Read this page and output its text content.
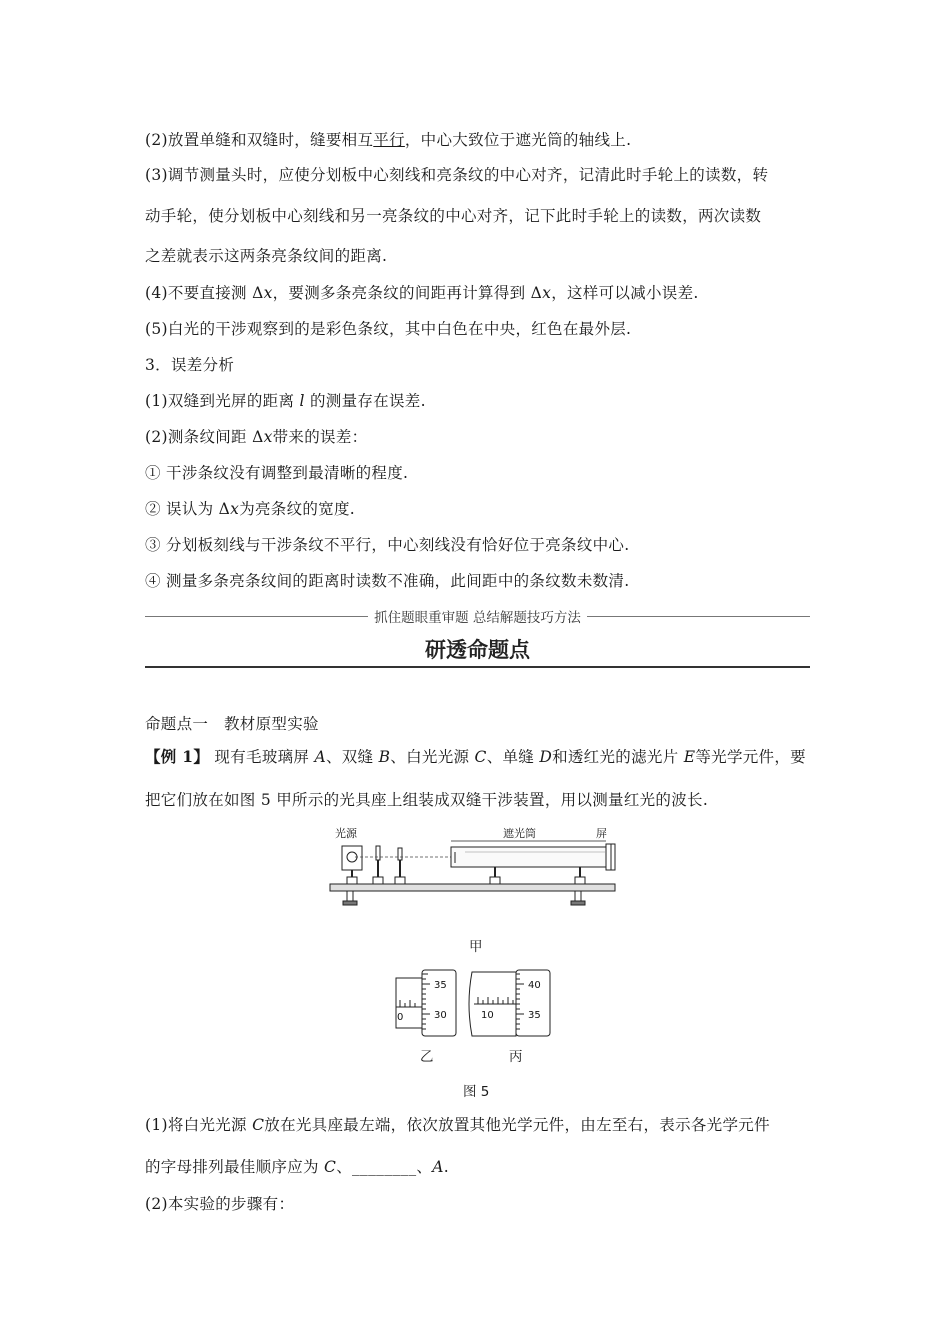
(2)放置单缝和双缝时，缝要相互平行，中心大致位于遮光筒的轴线上.
(3)调节测量头时，应使分划板中心刻线和亮条纹的中心对齐，记清此时手轮上的读数，转
动手轮，使分划板中心刻线和另一亮条纹的中心对齐，记下此时手轮上的读数，两次读数
之差就表示这两条亮条纹间的距离.
(4)不要直接测 Δx，要测多条亮条纹的间距再计算得到 Δx，这样可以减小误差.
(5)白光的干涉观察到的是彩色条纹，其中白色在中央，红色在最外层.
3．误差分析
(1)双缝到光屏的距离 l 的测量存在误差.
(2)测条纹间距 Δx带来的误差：
① 干涉条纹没有调整到最清晰的程度.
② 误认为 Δx为亮条纹的宽度.
③ 分划板刻线与干涉条纹不平行，中心刻线没有恰好位于亮条纹中心.
④ 测量多条亮条纹间的距离时读数不准确，此间距中的条纹数未数清.
抓住题眼重审题 总结解题技巧方法
研透命题点
命题点一　教材原型实验
【例 1】 现有毛玻璃屏 A、双缝 B、白光光源 C、单缝 D和透红光的滤光片 E等光学元件，要
把它们放在如图 5 甲所示的光具座上组装成双缝干涉装置，用以测量红光的波长.
光源	遮光筒	屏
甲
0
35
30	10
40
35
乙	丙
图 5
(1)将白光光源 C放在光具座最左端，依次放置其他光学元件，由左至右，表示各光学元件
的字母排列最佳顺序应为 C、________、A.
(2)本实验的步骤有：
